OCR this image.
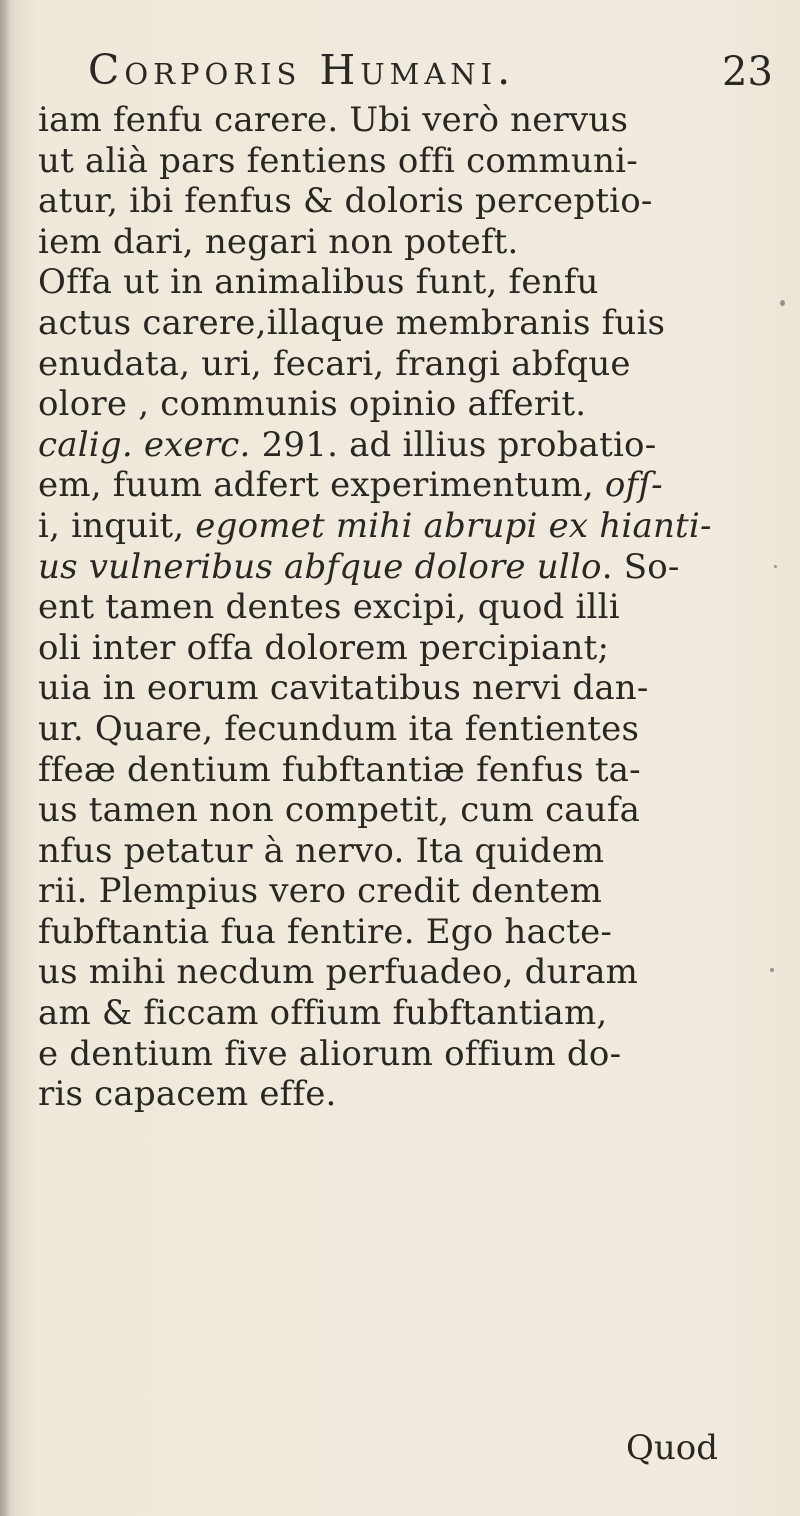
Corporis Humani.	23
iam fenfu carere. Ubi verò nervus
ut alià pars fentiens offi communi-
atur, ibi fenfus & doloris perceptio-
iem dari, negari non poteft.
Offa ut in animalibus funt, fenfu
actus carere,illaque membranis fuis
enudata, uri, fecari, frangi abfque
olore , communis opinio afferit.
calig. exerc. 291. ad illius probatio-
em, fuum adfert experimentum, ofſ-
i, inquit, egomet mihi abrupi ex hianti-
us vulneribus abfque dolore ullo. So-
ent tamen dentes excipi, quod illi
oli inter offa dolorem percipiant;
uia in eorum cavitatibus nervi dan-
ur. Quare, fecundum ita fentientes
ffeæ dentium fubftantiæ fenfus ta-
us tamen non competit, cum caufa
nfus petatur à nervo. Ita quidem
rii. Plempius vero credit dentem
fubftantia fua fentire. Ego hacte-
us mihi necdum perfuadeo, duram
am & ficcam offium fubftantiam,
e dentium five aliorum offium do-
ris capacem effe.
Quod
